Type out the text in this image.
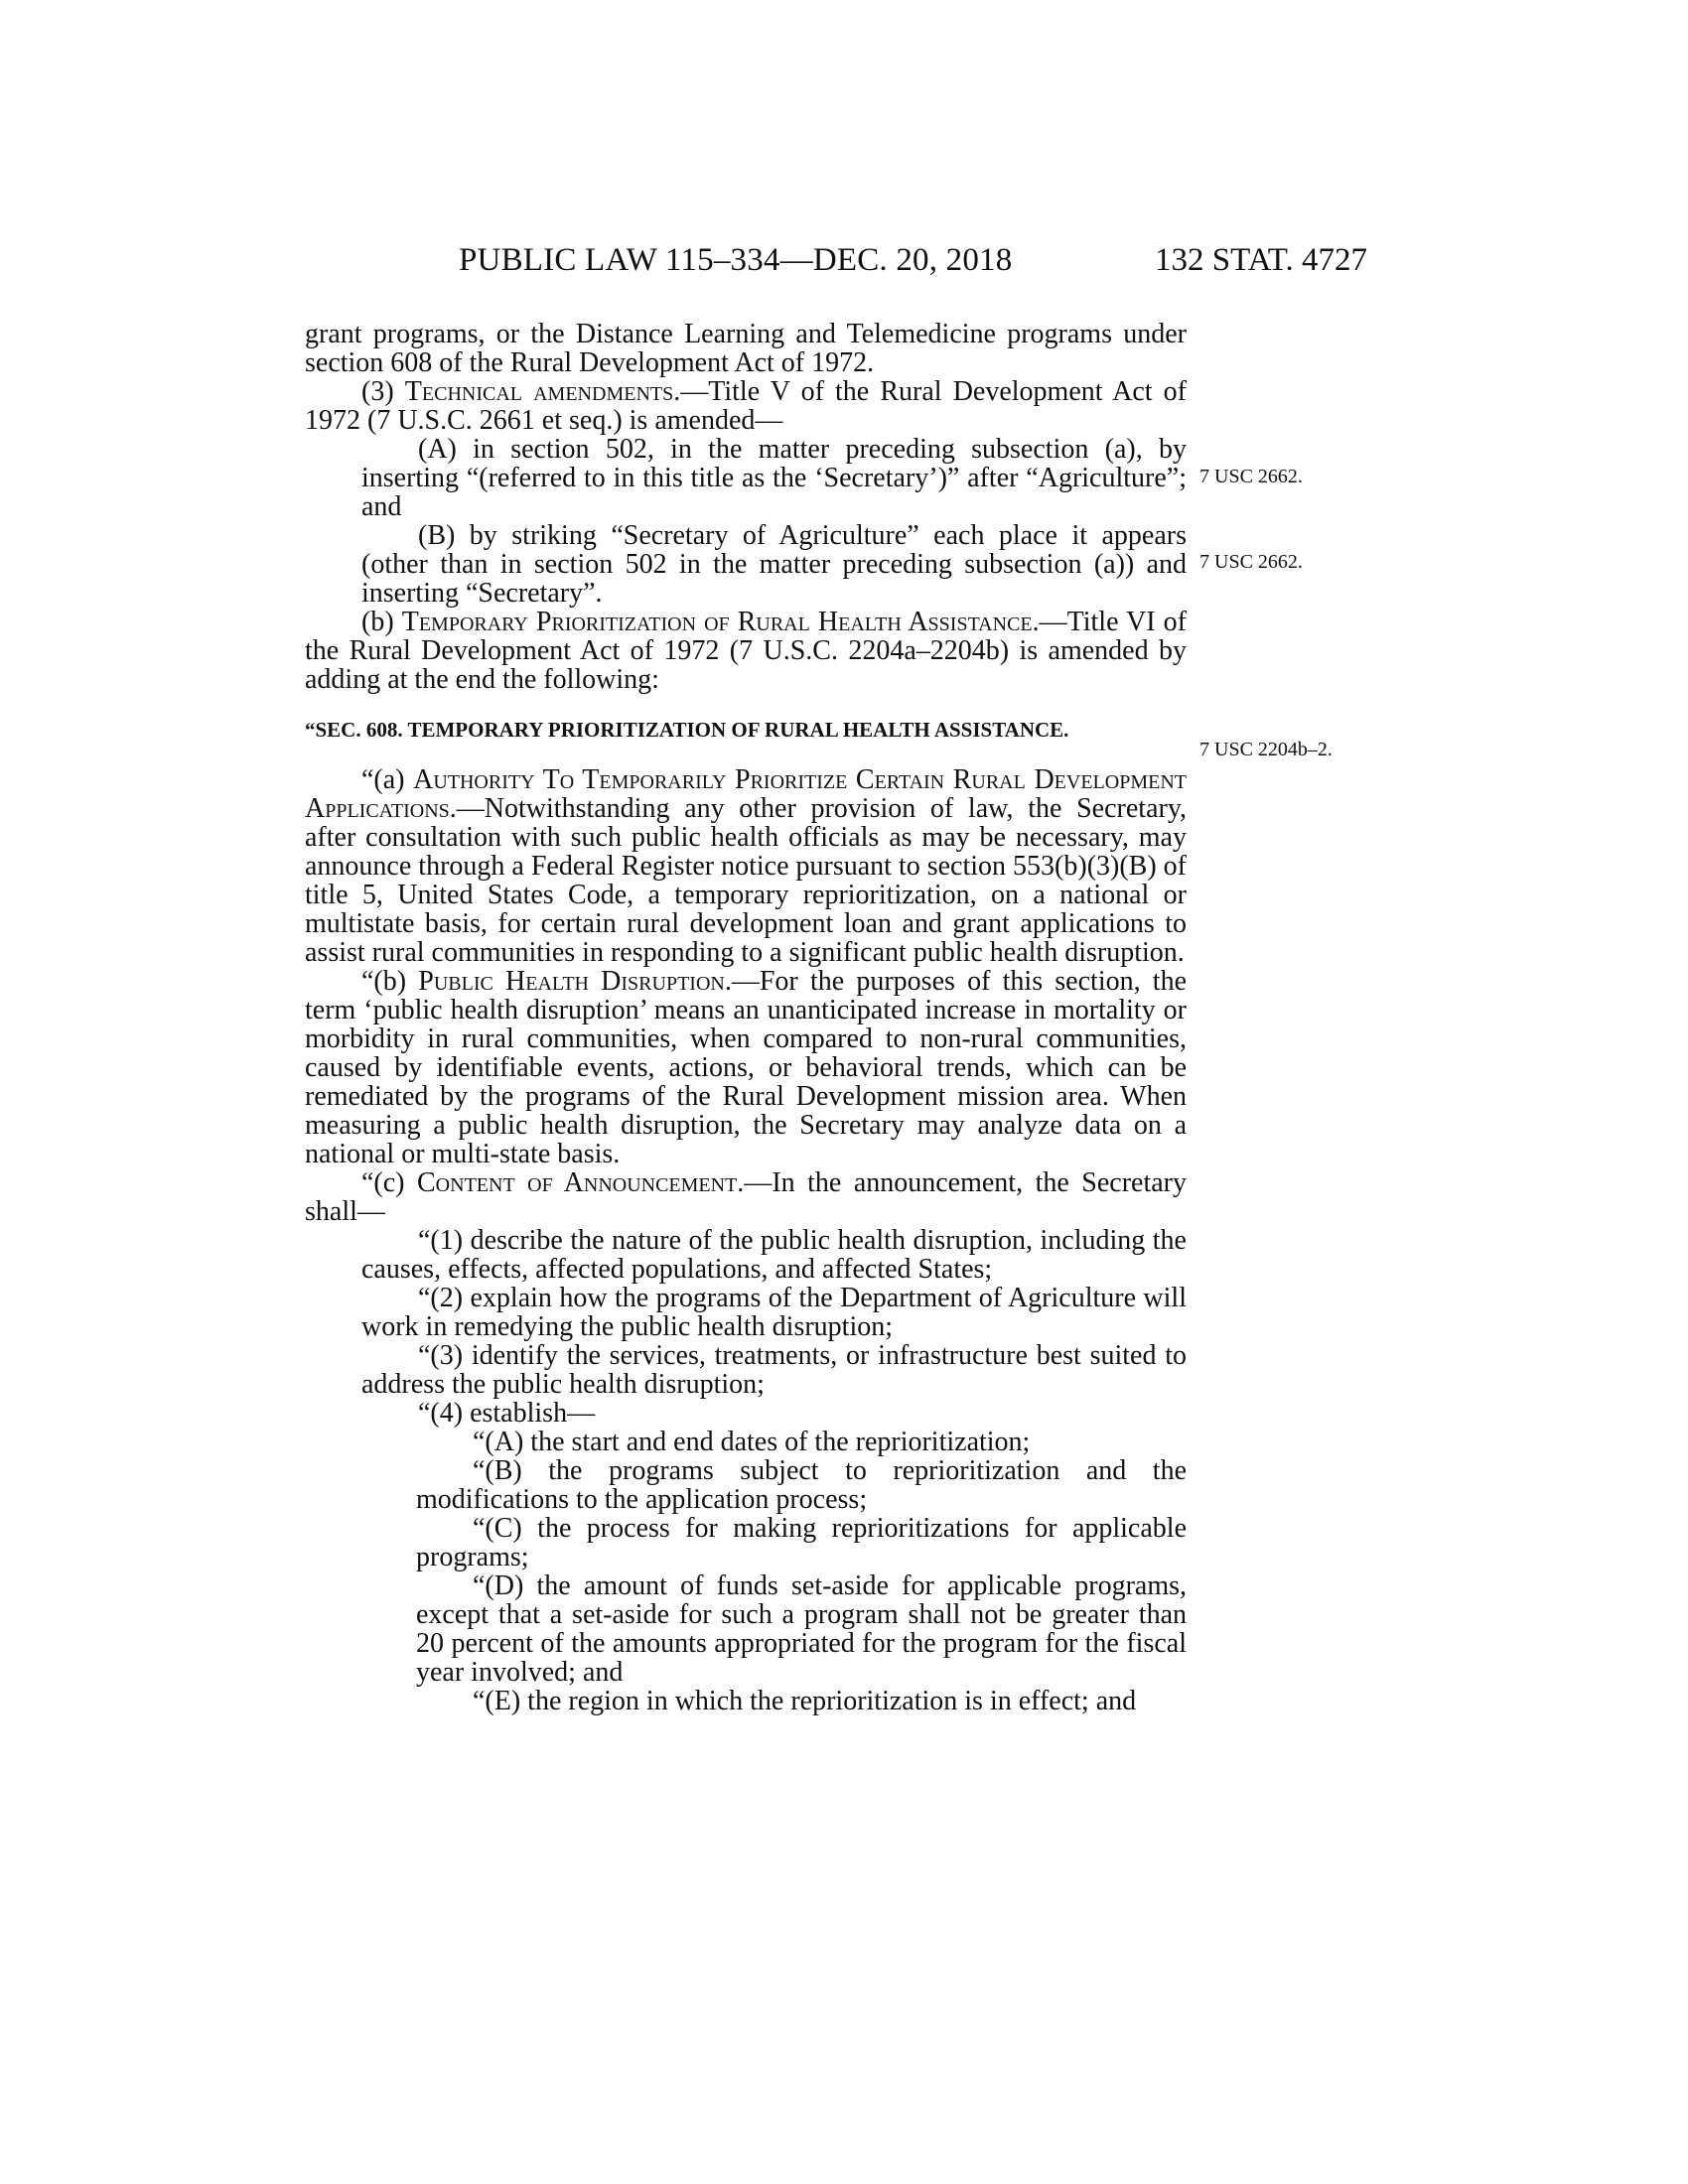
PUBLIC LAW 115–334—DEC. 20, 2018	132 STAT. 4727
7 USC 2662.
7 USC 2662.
7 USC 2204b–2.

grant programs, or the Distance Learning and Telemedicine programs under section 608 of the Rural Development Act of 1972.

(3) Technical amendments.—Title V of the Rural Development Act of 1972 (7 U.S.C. 2661 et seq.) is amended—

(A) in section 502, in the matter preceding subsection (a), by inserting “(referred to in this title as the ‘Secretary’)” after “Agriculture”; and

(B) by striking “Secretary of Agriculture” each place it appears (other than in section 502 in the matter preceding subsection (a)) and inserting “Secretary”.

(b) Temporary Prioritization of Rural Health Assistance.—Title VI of the Rural Development Act of 1972 (7 U.S.C. 2204a–2204b) is amended by adding at the end the following:

“SEC. 608. TEMPORARY PRIORITIZATION OF RURAL HEALTH ASSISTANCE.

“(a) Authority To Temporarily Prioritize Certain Rural Development Applications.—Notwithstanding any other provision of law, the Secretary, after consultation with such public health officials as may be necessary, may announce through a Federal Register notice pursuant to section 553(b)(3)(B) of title 5, United States Code, a temporary reprioritization, on a national or multistate basis, for certain rural development loan and grant applications to assist rural communities in responding to a significant public health disruption.

“(b) Public Health Disruption.—For the purposes of this section, the term ‘public health disruption’ means an unanticipated increase in mortality or morbidity in rural communities, when compared to non-rural communities, caused by identifiable events, actions, or behavioral trends, which can be remediated by the programs of the Rural Development mission area. When measuring a public health disruption, the Secretary may analyze data on a national or multi-state basis.

“(c) Content of Announcement.—In the announcement, the Secretary shall—

“(1) describe the nature of the public health disruption, including the causes, effects, affected populations, and affected States;

“(2) explain how the programs of the Department of Agriculture will work in remedying the public health disruption;

“(3) identify the services, treatments, or infrastructure best suited to address the public health disruption;

“(4) establish—

“(A) the start and end dates of the reprioritization;

“(B) the programs subject to reprioritization and the modifications to the application process;

“(C) the process for making reprioritizations for applicable programs;

“(D) the amount of funds set-aside for applicable programs, except that a set-aside for such a program shall not be greater than 20 percent of the amounts appropriated for the program for the fiscal year involved; and

“(E) the region in which the reprioritization is in effect; and
